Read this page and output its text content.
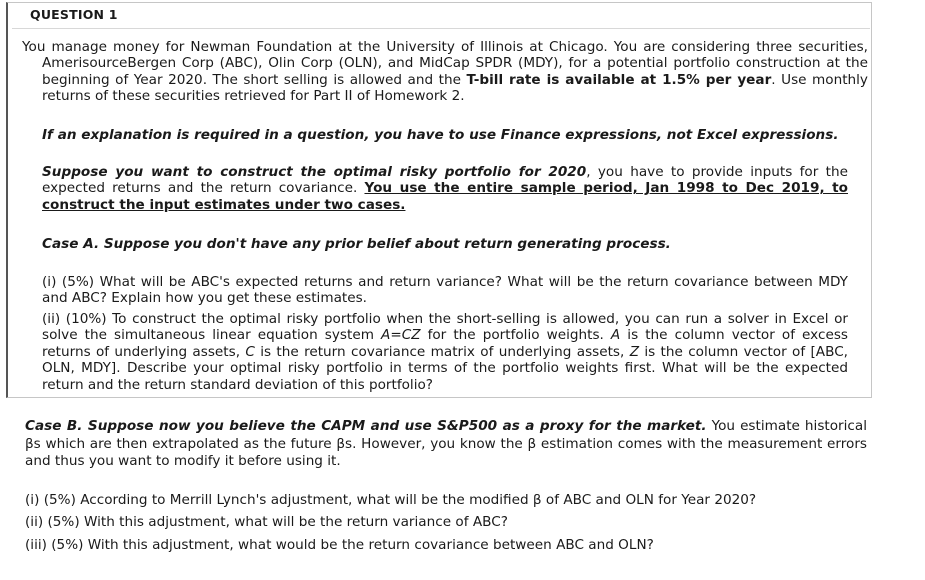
QUESTION 1

You manage money for Newman Foundation at the University of Illinois at Chicago. You are considering three securities, AmerisourceBergen Corp (ABC), Olin Corp (OLN), and MidCap SPDR (MDY), for a potential portfolio construction at the beginning of Year 2020. The short selling is allowed and the T-bill rate is available at 1.5% per year. Use monthly returns of these securities retrieved for Part II of Homework 2.

If an explanation is required in a question, you have to use Finance expressions, not Excel expressions.

Suppose you want to construct the optimal risky portfolio for 2020, you have to provide inputs for the expected returns and the return covariance. You use the entire sample period, Jan 1998 to Dec 2019, to construct the input estimates under two cases.

Case A. Suppose you don't have any prior belief about return generating process.

(i) (5%) What will be ABC's expected returns and return variance? What will be the return covariance between MDY and ABC? Explain how you get these estimates.

(ii) (10%) To construct the optimal risky portfolio when the short-selling is allowed, you can run a solver in Excel or solve the simultaneous linear equation system A=CZ for the portfolio weights. A is the column vector of excess returns of underlying assets, C is the return covariance matrix of underlying assets, Z is the column vector of [ABC, OLN, MDY]. Describe your optimal risky portfolio in terms of the portfolio weights first. What will be the expected return and the return standard deviation of this portfolio?

Case B. Suppose now you believe the CAPM and use S&P500 as a proxy for the market. You estimate historical βs which are then extrapolated as the future βs. However, you know the β estimation comes with the measurement errors and thus you want to modify it before using it.

(i) (5%) According to Merrill Lynch's adjustment, what will be the modified β of ABC and OLN for Year 2020?

(ii) (5%) With this adjustment, what will be the return variance of ABC?

(iii) (5%) With this adjustment, what would be the return covariance between ABC and OLN?
